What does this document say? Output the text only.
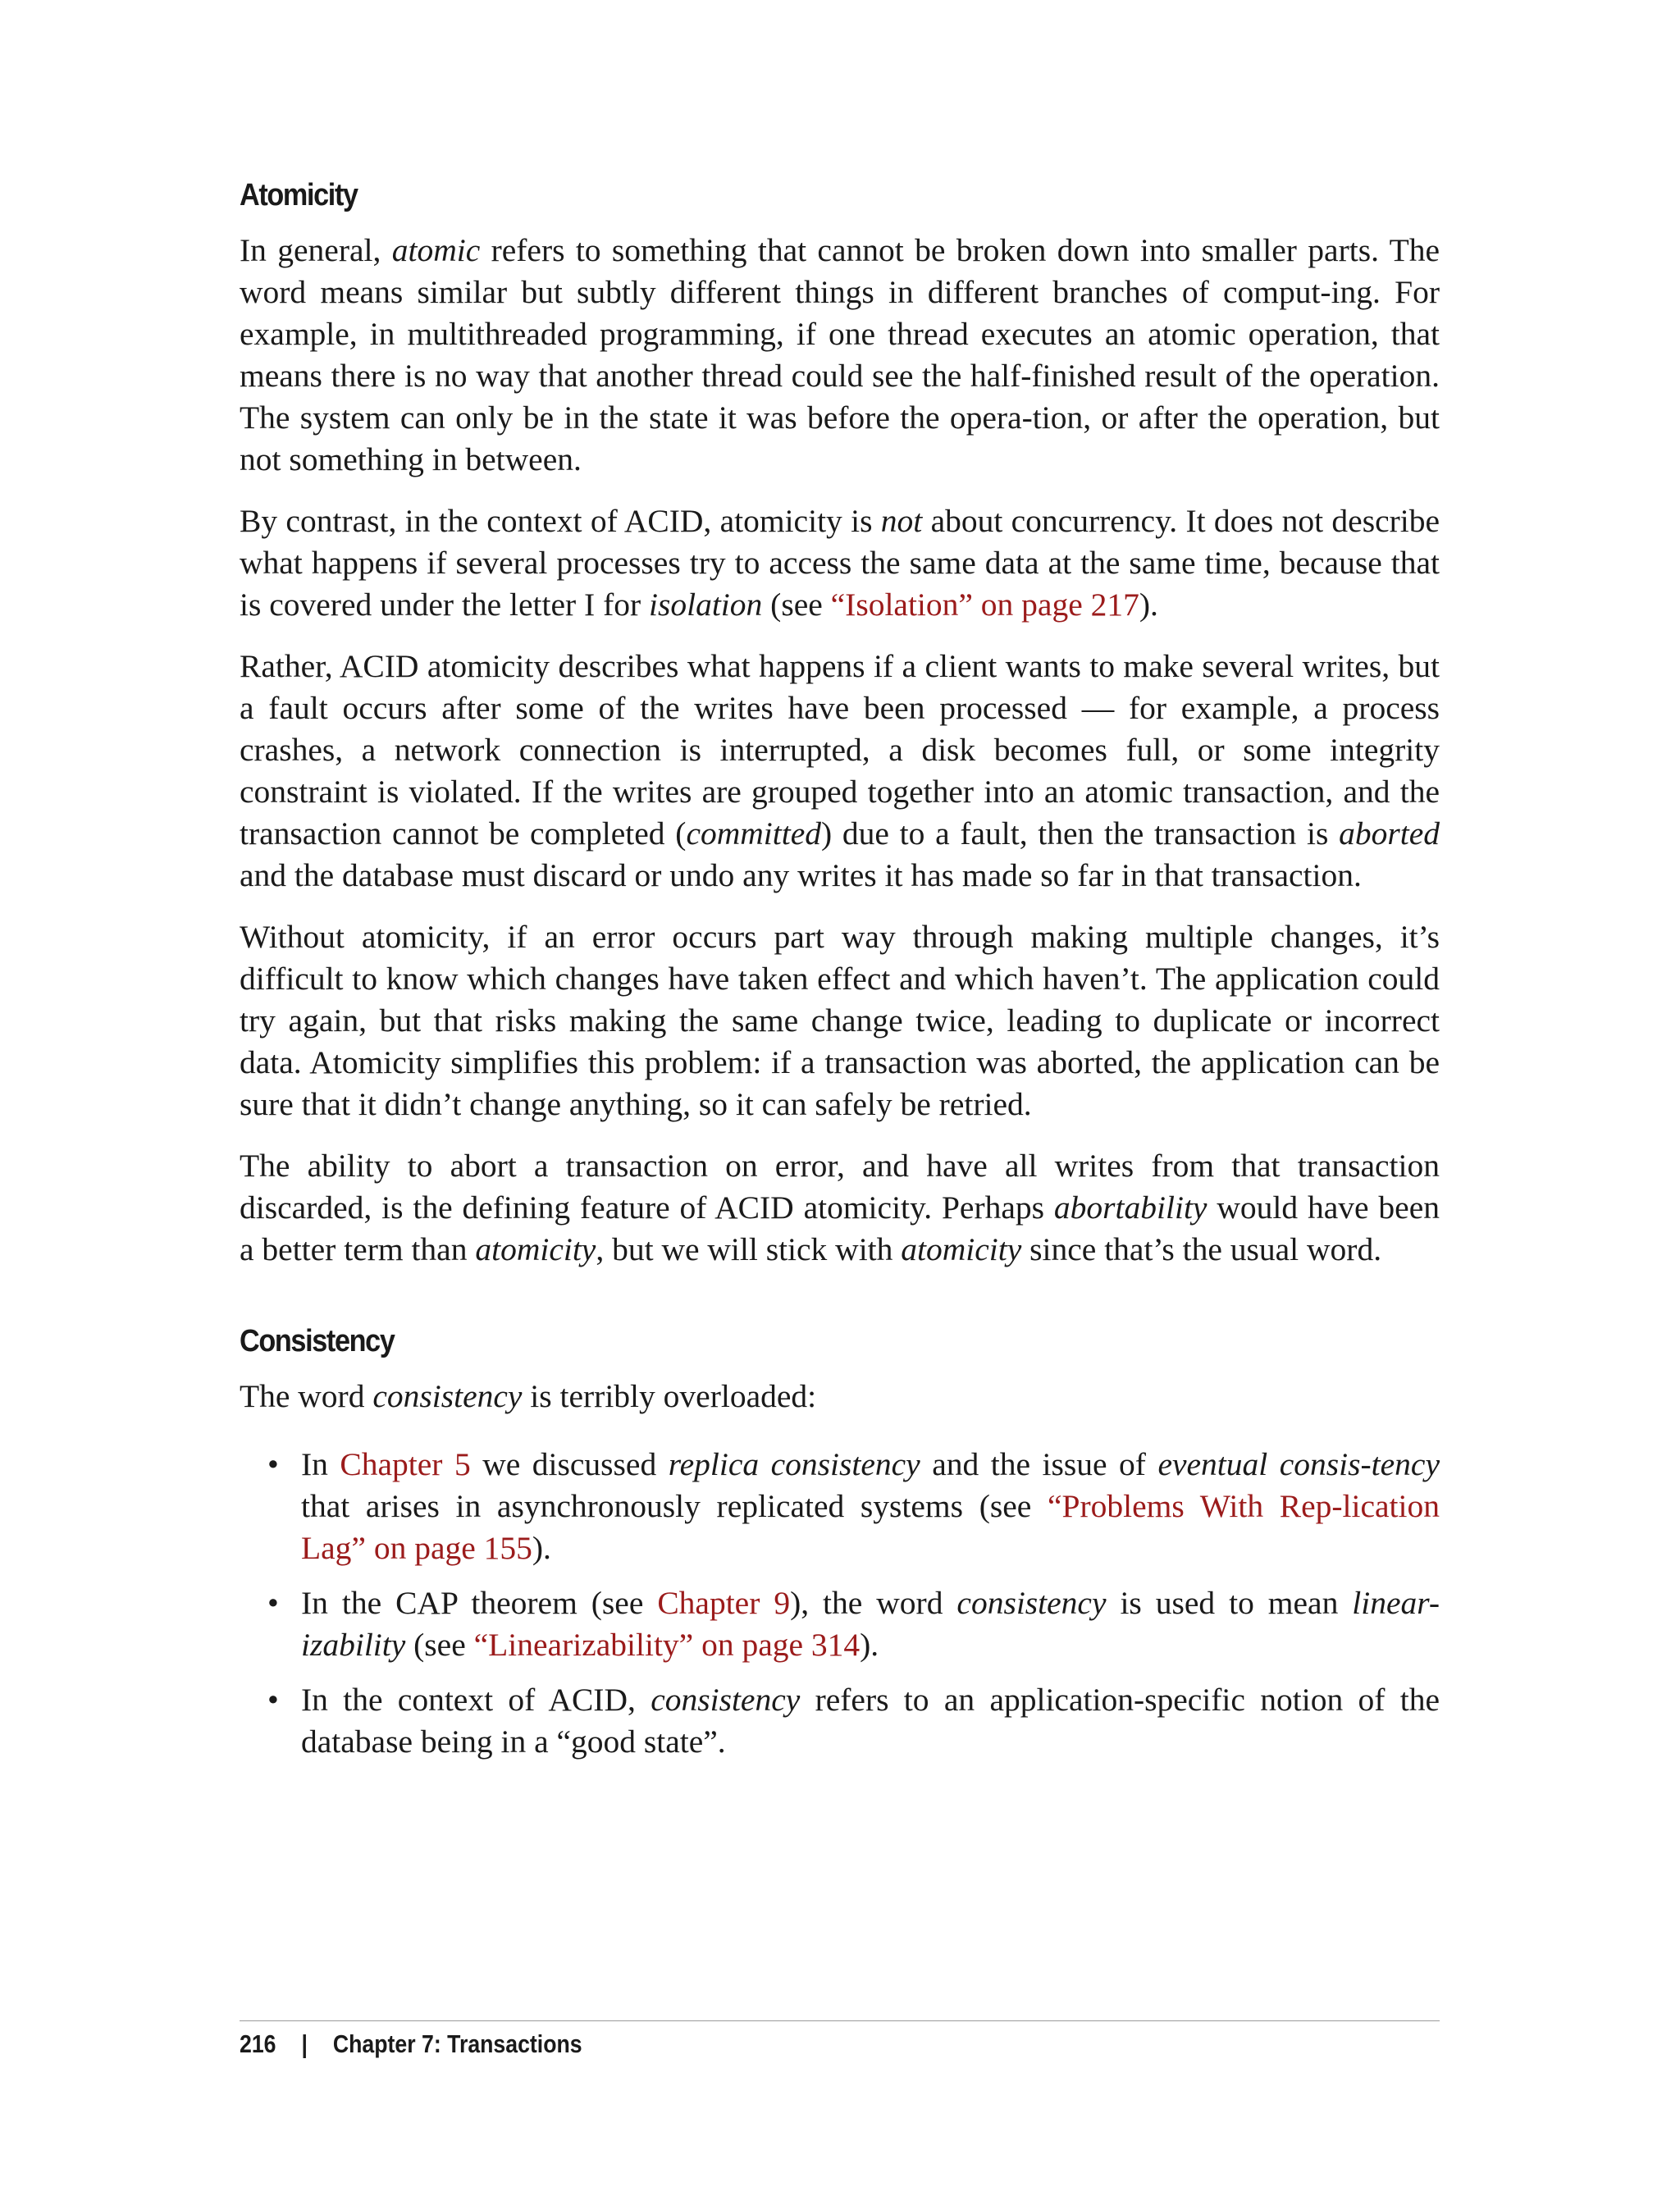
Atomicity

In general, atomic refers to something that cannot be broken down into smaller parts. The word means similar but subtly different things in different branches of comput-ing. For example, in multithreaded programming, if one thread executes an atomic operation, that means there is no way that another thread could see the half-finished result of the operation. The system can only be in the state it was before the opera-tion, or after the operation, but not something in between.

By contrast, in the context of ACID, atomicity is not about concurrency. It does not describe what happens if several processes try to access the same data at the same time, because that is covered under the letter I for isolation (see “Isolation” on page 217).

Rather, ACID atomicity describes what happens if a client wants to make several writes, but a fault occurs after some of the writes have been processed — for example, a process crashes, a network connection is interrupted, a disk becomes full, or some integrity constraint is violated. If the writes are grouped together into an atomic transaction, and the transaction cannot be completed (committed) due to a fault, then the transaction is aborted and the database must discard or undo any writes it has made so far in that transaction.

Without atomicity, if an error occurs part way through making multiple changes, it’s difficult to know which changes have taken effect and which haven’t. The application could try again, but that risks making the same change twice, leading to duplicate or incorrect data. Atomicity simplifies this problem: if a transaction was aborted, the application can be sure that it didn’t change anything, so it can safely be retried.

The ability to abort a transaction on error, and have all writes from that transaction discarded, is the defining feature of ACID atomicity. Perhaps abortability would have been a better term than atomicity, but we will stick with atomicity since that’s the usual word.

Consistency

The word consistency is terribly overloaded:

• In Chapter 5 we discussed replica consistency and the issue of eventual consis-tency that arises in asynchronously replicated systems (see “Problems With Rep-lication Lag” on page 155).
• In the CAP theorem (see Chapter 9), the word consistency is used to mean linear-izability (see “Linearizability” on page 314).
• In the context of ACID, consistency refers to an application-specific notion of the database being in a “good state”.
216 | Chapter 7: Transactions
